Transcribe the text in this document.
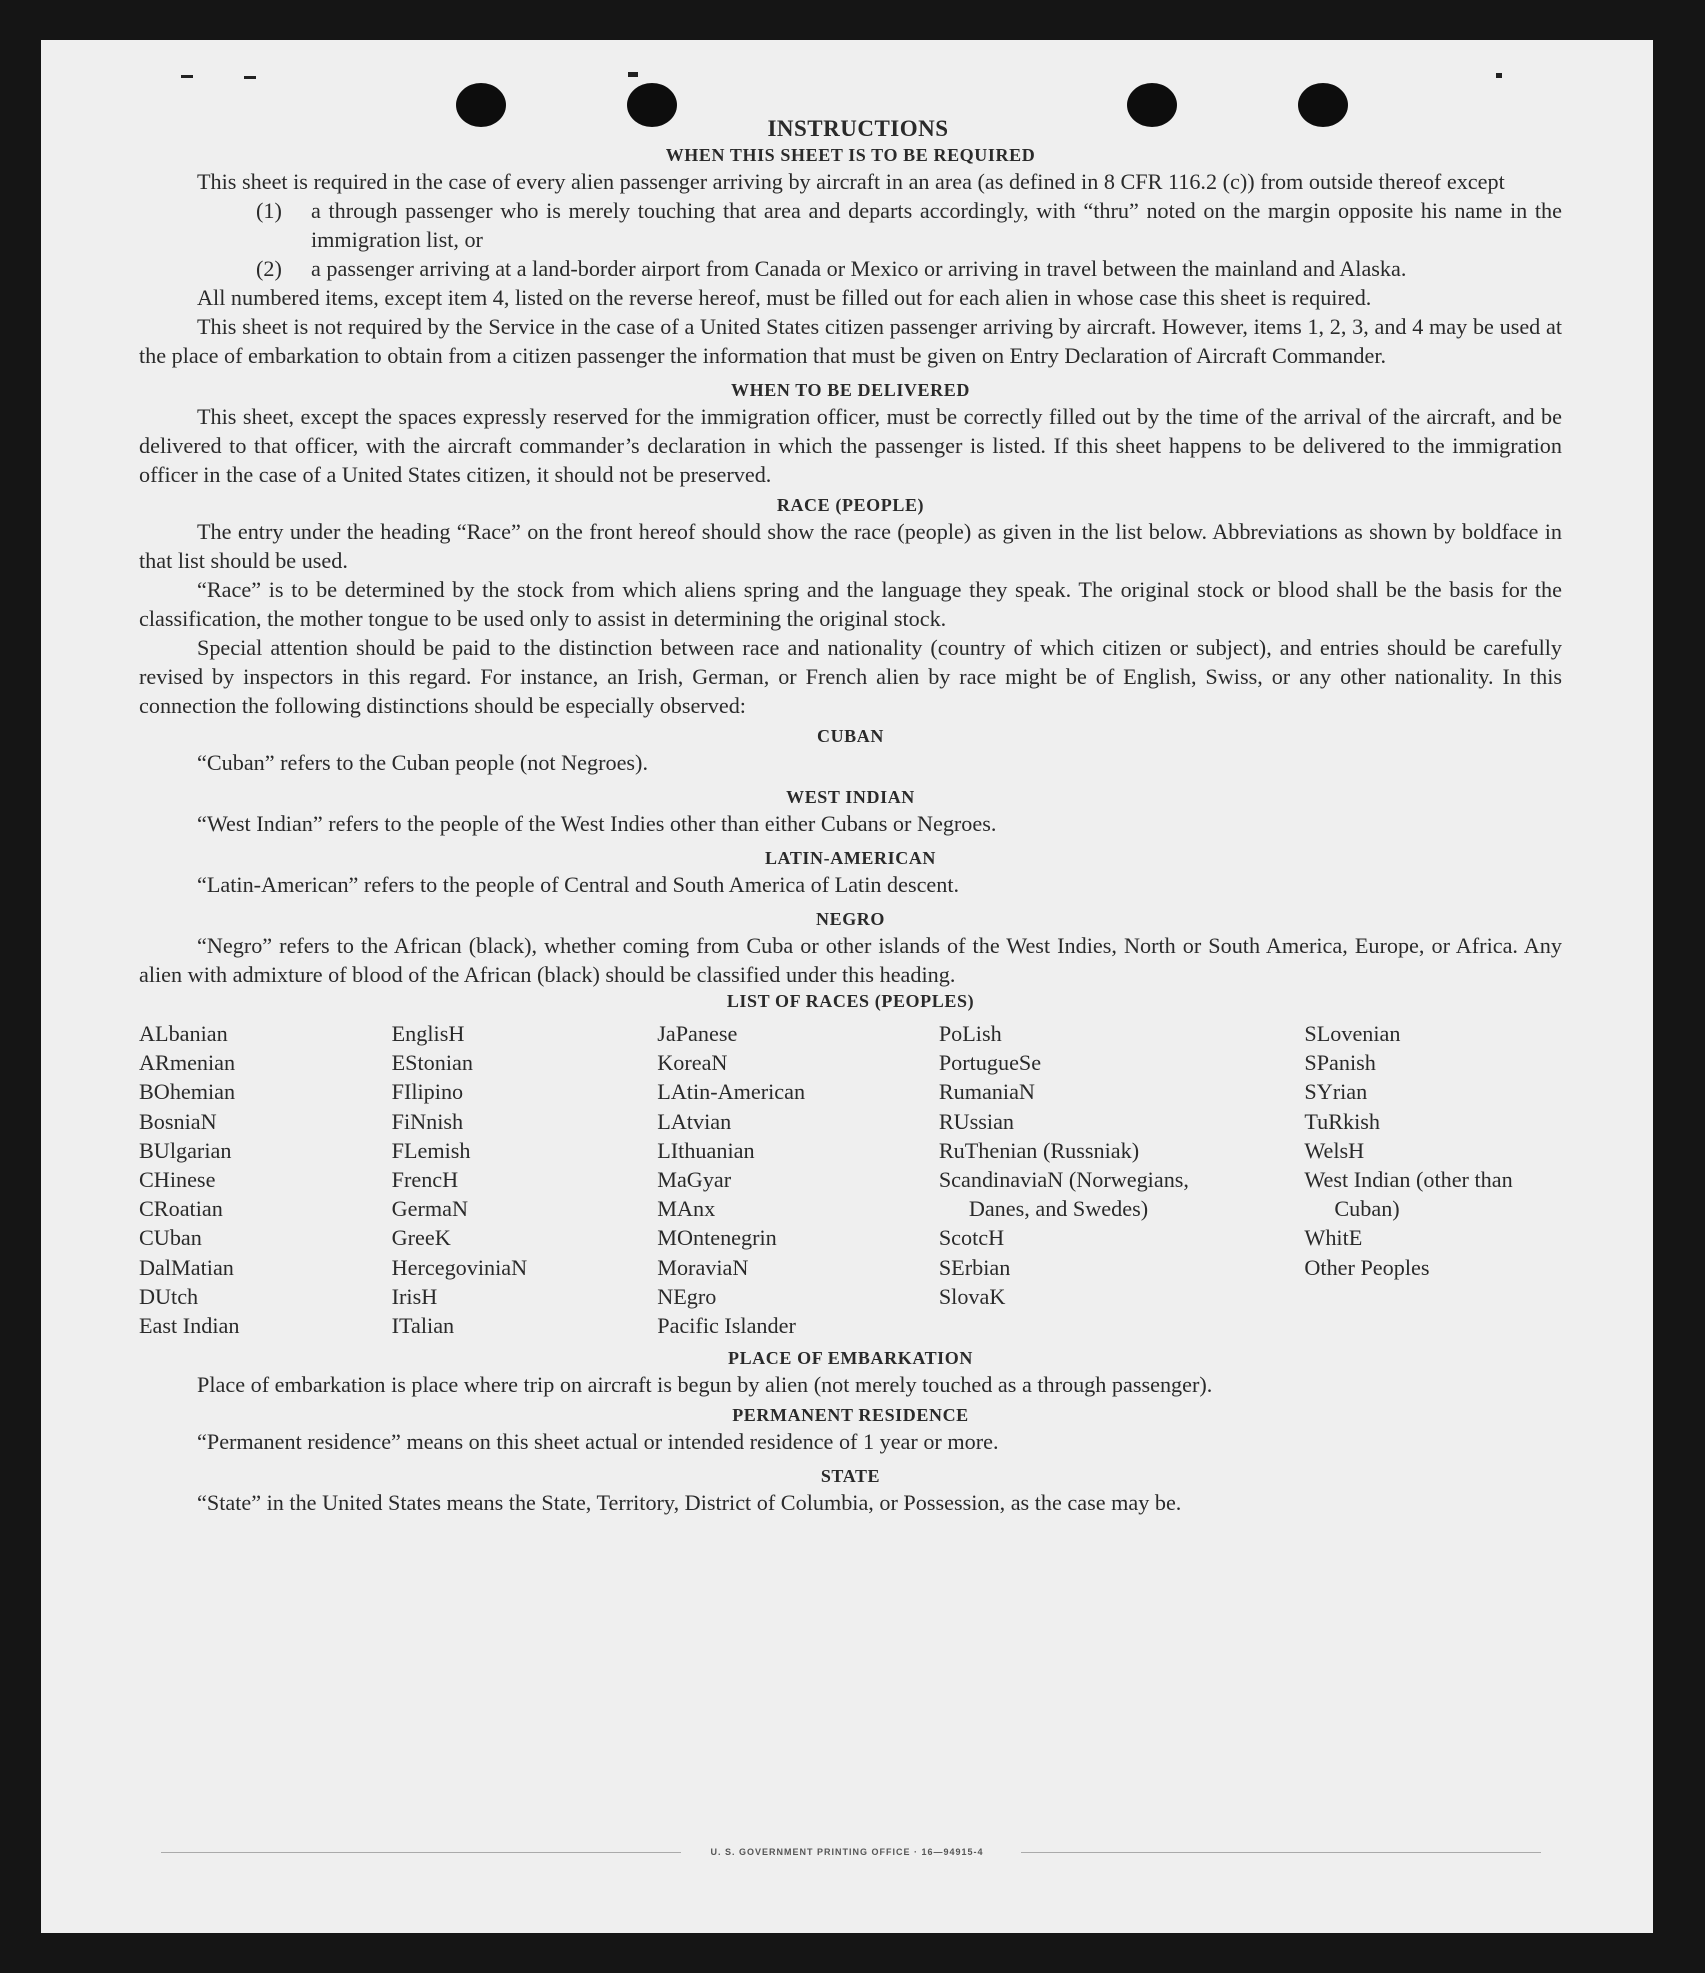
INSTRUCTIONS
WHEN THIS SHEET IS TO BE REQUIRED

This sheet is required in the case of every alien passenger arriving by aircraft in an area (as defined in 8 CFR 116.2 (c)) from outside thereof except

(1)	a through passenger who is merely touching that area and departs accordingly, with “thru” noted on the margin opposite his name in the immigration list, or
(2)	a passenger arriving at a land-border airport from Canada or Mexico or arriving in travel between the mainland and Alaska.

All numbered items, except item 4, listed on the reverse hereof, must be filled out for each alien in whose case this sheet is required.

This sheet is not required by the Service in the case of a United States citizen passenger arriving by aircraft. However, items 1, 2, 3, and 4 may be used at the place of embarkation to obtain from a citizen passenger the information that must be given on Entry Declaration of Aircraft Commander.

WHEN TO BE DELIVERED

This sheet, except the spaces expressly reserved for the immigration officer, must be correctly filled out by the time of the arrival of the aircraft, and be delivered to that officer, with the aircraft commander’s declaration in which the passenger is listed. If this sheet happens to be delivered to the immigration officer in the case of a United States citizen, it should not be preserved.

RACE (PEOPLE)

The entry under the heading “Race” on the front hereof should show the race (people) as given in the list below. Abbreviations as shown by boldface in that list should be used.

“Race” is to be determined by the stock from which aliens spring and the language they speak. The original stock or blood shall be the basis for the classification, the mother tongue to be used only to assist in determining the original stock.

Special attention should be paid to the distinction between race and nationality (country of which citizen or subject), and entries should be carefully revised by inspectors in this regard. For instance, an Irish, German, or French alien by race might be of English, Swiss, or any other nationality. In this connection the following distinctions should be especially observed:

CUBAN

“Cuban” refers to the Cuban people (not Negroes).

WEST INDIAN

“West Indian” refers to the people of the West Indies other than either Cubans or Negroes.

LATIN-AMERICAN

“Latin-American” refers to the people of Central and South America of Latin descent.

NEGRO

“Negro” refers to the African (black), whether coming from Cuba or other islands of the West Indies, North or South America, Europe, or Africa. Any alien with admixture of blood of the African (black) should be classified under this heading.

LIST OF RACES (PEOPLES)
ALbanian
ARmenian
BOhemian
BosniaN
BUlgarian
CHinese
CRoatian
CUban
DalMatian
DUtch
East Indian
EnglisH
EStonian
FIlipino
FiNnish
FLemish
FrencH
GermaN
GreeK
HercegoviniaN
IrisH
ITalian
JaPanese
KoreaN
LAtin-American
LAtvian
LIthuanian
MaGyar
MAnx
MOntenegrin
MoraviaN
NEgro
Pacific Islander
PoLish
PortugueSe
RumaniaN
RUssian
RuThenian (Russniak)
ScandinaviaN (Norwegians, Danes, and Swedes)
ScotcH
SErbian
SlovaK
SLovenian
SPanish
SYrian
TuRkish
WelsH
West Indian (other than Cuban)
WhitE
Other Peoples
PLACE OF EMBARKATION

Place of embarkation is place where trip on aircraft is begun by alien (not merely touched as a through passenger).

PERMANENT RESIDENCE

“Permanent residence” means on this sheet actual or intended residence of 1 year or more.

STATE

“State” in the United States means the State, Territory, District of Columbia, or Possession, as the case may be.

U. S. GOVERNMENT PRINTING OFFICE · 16—94915-4
